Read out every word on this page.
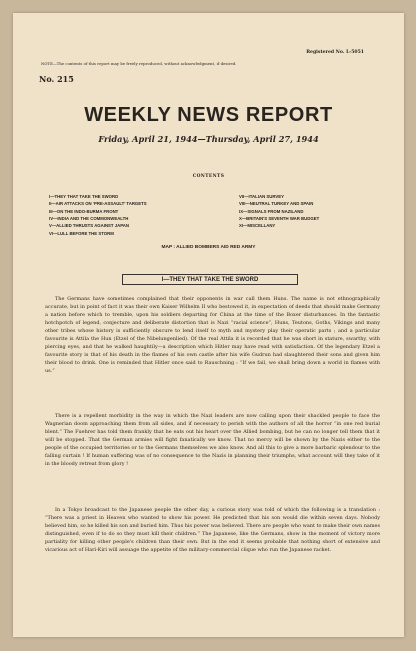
Registered No. L-5051
NOTE—The contents of this report may be freely reproduced, without acknowledgment, if desired.
No. 215
WEEKLY NEWS REPORT
Friday, April 21, 1944—Thursday, April 27, 1944
CONTENTS
I—THEY THAT TAKE THE SWORD
II—AIR ATTACKS ON ‘PRE-ASSAULT’ TARGETS
III—ON THE INDO-BURMA FRONT
IV—INDIA AND THE COMMONWEALTH
V—ALLIED THRUSTS AGAINST JAPAN
VI—LULL BEFORE THE STORM
VII—ITALIAN SURVEY
VIII—NEUTRAL TURKEY AND SPAIN
IX—SIGNALS FROM NAZILAND
X—BRITAIN'S SEVENTH WAR BUDGET
XI—MISCELLANY
MAP : ALLIED BOMBERS AID RED ARMY
I—THEY THAT TAKE THE SWORD

The Germans have sometimes complained that their opponents in war call them Huns. The name is not ethnographically accurate, but in point of fact it was their own Kaiser Wilhelm II who bestowed it, in expectation of deeds that should make Germany a nation before which to tremble, upon his soldiers departing for China at the time of the Boxer disturbances. In the fantastic hotchpotch of legend, conjecture and deliberate distortion that is Nazi “racial science”, Huns, Teutons, Goths, Vikings and many other tribes whose history is sufficiently obscure to lend itself to myth and mystery play their operatic parts ; and a particular favourite is Attila the Hun (Etzel of the Nibelungenlied). Of the real Attila it is recorded that he was short in stature, swarthy, with piercing eyes, and that he walked haughtily—a description which Hitler may have read with satisfaction. Of the legendary Etzel a favourite story is that of his death in the flames of his own castle after his wife Gudrun had slaughtered their sons and given him their blood to drink. One is reminded that Hitler once said to Rauschning : “If we fail, we shall bring down a world in flames with us.”

There is a repellent morbidity in the way in which the Nazi leaders are now calling upon their shackled people to face the Wagnerian doom approaching them from all sides, and if necessary to perish with the authors of all the horror “in one red burial blent.” The Fuehrer has told them frankly that he eats out his heart over the Allied bombing, but he can no longer tell them that it will be stopped. That the German armies will fight fanatically we know. That no mercy will be shown by the Nazis either to the people of the occupied territories or to the Germans themselves we also know. And all this to give a more barbaric splendour to the falling curtain ! If human suffering was of no consequence to the Nazis in planning their triumphs, what account will they take of it in the bloody retreat from glory !

In a Tokyo broadcast to the Japanese people the other day, a curious story was told of which the following is a translation : “There was a priest in Heaven who wanted to show his power. He predicted that his son would die within seven days. Nobody believed him, so he killed his son and buried him. Thus his power was believed. There are people who want to make their own names distinguished, even if to do so they must kill their children.” The Japanese, like the Germans, show in the moment of victory more partiality for killing other people's children than their own. But in the end it seems probable that nothing short of extensive and vicarious act of Hari-Kiri will assuage the appetite of the military-commercial clique who run the Japanese racket.
